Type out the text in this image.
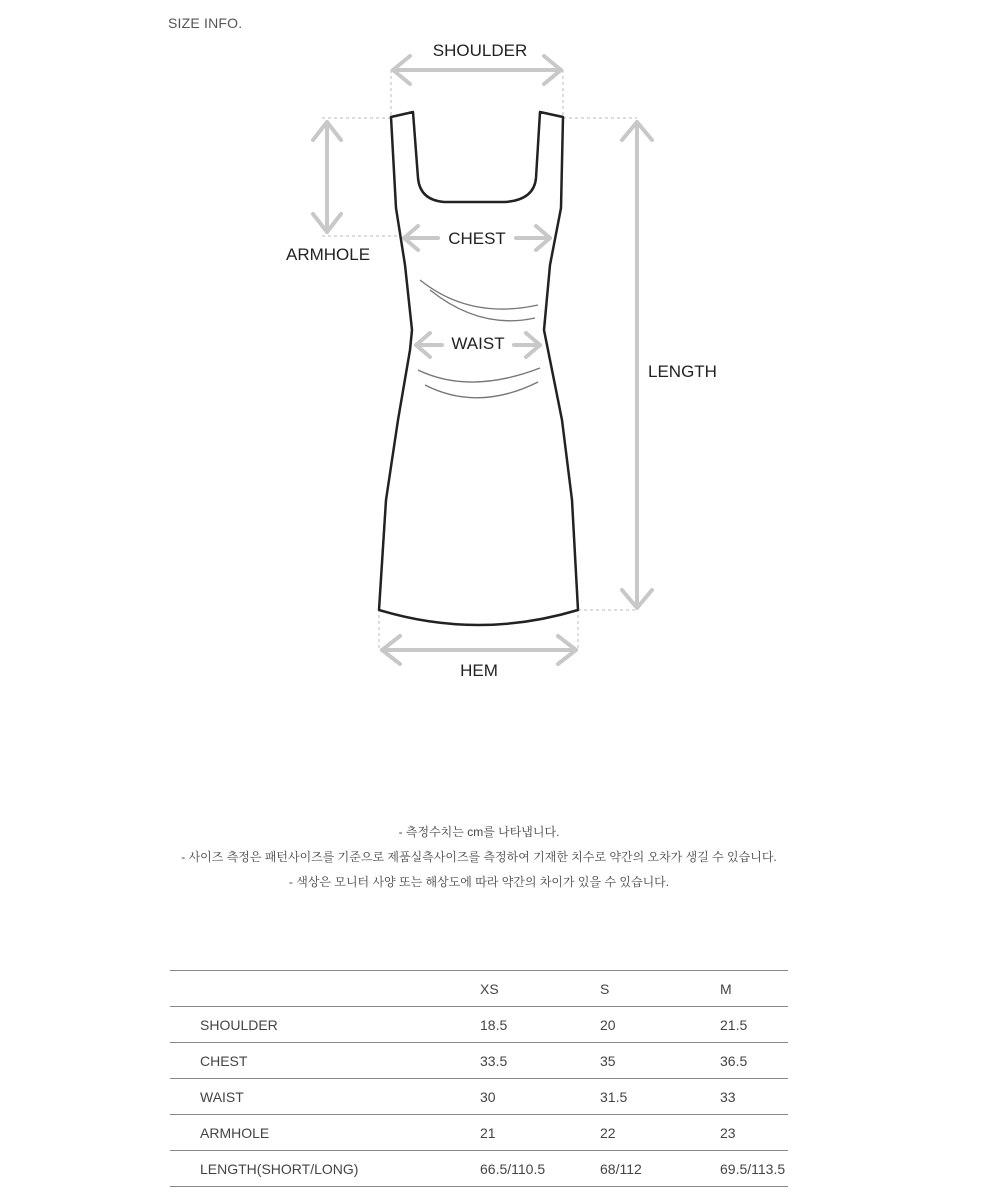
SIZE INFO.
SHOULDER
ARMHOLE
CHEST
WAIST
LENGTH
HEM
- 측정수치는 cm를 나타냅니다.
- 사이즈 측정은 패턴사이즈를 기준으로 제품실측사이즈를 측정하여 기재한 치수로 약간의 오차가 생길 수 있습니다.
- 색상은 모니터 사양 또는 해상도에 따라 약간의 차이가 있을 수 있습니다.
	XS	S	M
SHOULDER	18.5	20	21.5
CHEST	33.5	35	36.5
WAIST	30	31.5	33
ARMHOLE	21	22	23
LENGTH(SHORT/LONG)	66.5/110.5	68/112	69.5/113.5
